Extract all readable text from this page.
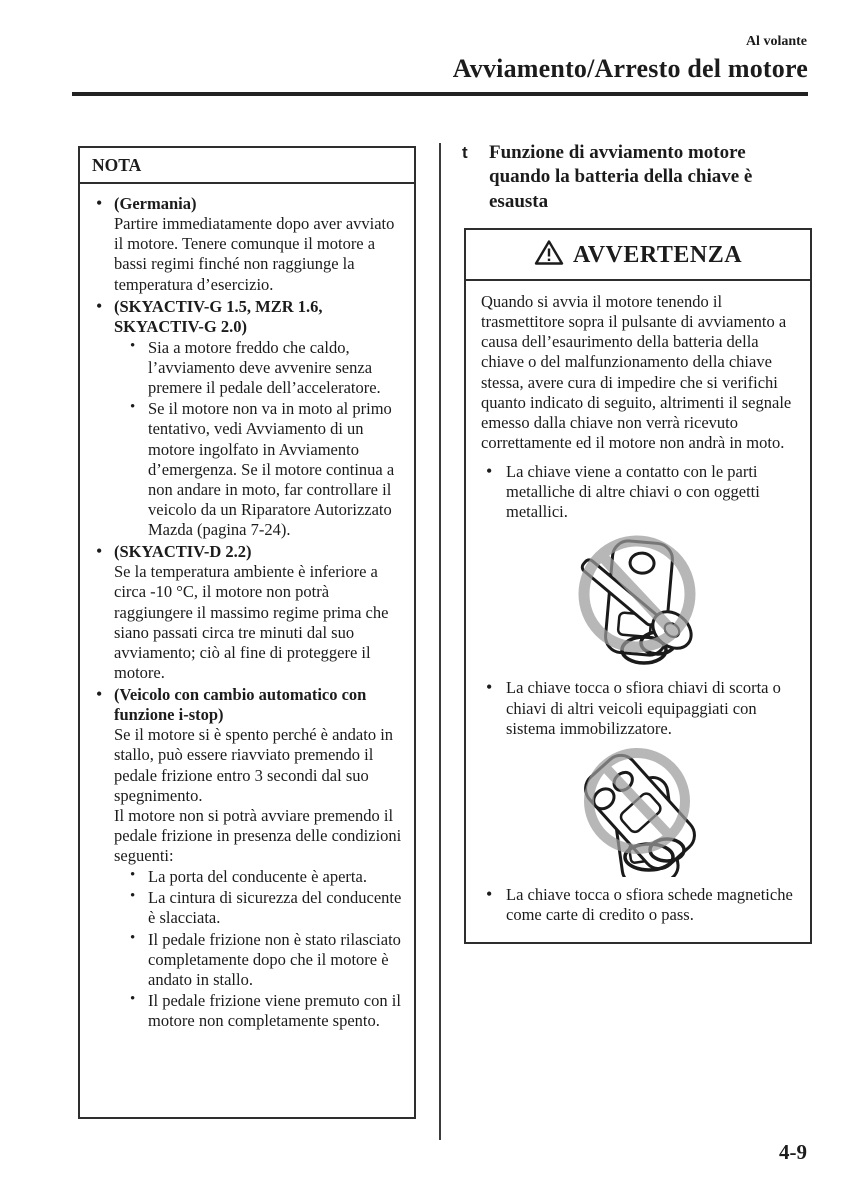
Al volante
Avviamento/Arresto del motore
NOTA
• (Germania)
Partire immediatamente dopo aver avviato il motore. Tenere comunque il motore a bassi regimi finché non raggiunge la temperatura d’esercizio.
• (SKYACTIV-G 1.5, MZR 1.6, SKYACTIV-G 2.0)
• Sia a motore freddo che caldo, l’avviamento deve avvenire senza premere il pedale dell’acceleratore.
• Se il motore non va in moto al primo tentativo, vedi Avviamento di un motore ingolfato in Avviamento d’emergenza. Se il motore continua a non andare in moto, far controllare il veicolo da un Riparatore Autorizzato Mazda (pagina 7-24).
• (SKYACTIV-D 2.2)
Se la temperatura ambiente è inferiore a circa -10 °C, il motore non potrà raggiungere il massimo regime prima che siano passati circa tre minuti dal suo avviamento; ciò al fine di proteggere il motore.
• (Veicolo con cambio automatico con funzione i-stop)
Se il motore si è spento perché è andato in stallo, può essere riavviato premendo il pedale frizione entro 3 secondi dal suo spegnimento.
Il motore non si potrà avviare premendo il pedale frizione in presenza delle condizioni seguenti:
• La porta del conducente è aperta.
• La cintura di sicurezza del conducente è slacciata.
• Il pedale frizione non è stato rilasciato completamente dopo che il motore è andato in stallo.
• Il pedale frizione viene premuto con il motore non completamente spento.
t	Funzione di avviamento motore quando la batteria della chiave è esausta
AVVERTENZA

Quando si avvia il motore tenendo il trasmettitore sopra il pulsante di avviamento a causa dell’esaurimento della batteria della chiave o del malfunzionamento della chiave stessa, avere cura di impedire che si verifichi quanto indicato di seguito, altrimenti il segnale emesso dalla chiave non verrà ricevuto correttamente ed il motore non andrà in moto.

• La chiave viene a contatto con le parti metalliche di altre chiavi o con oggetti metallici.
• La chiave tocca o sfiora chiavi di scorta o chiavi di altri veicoli equipaggiati con sistema immobilizzatore.
• La chiave tocca o sfiora schede magnetiche come carte di credito o pass.
4-9
